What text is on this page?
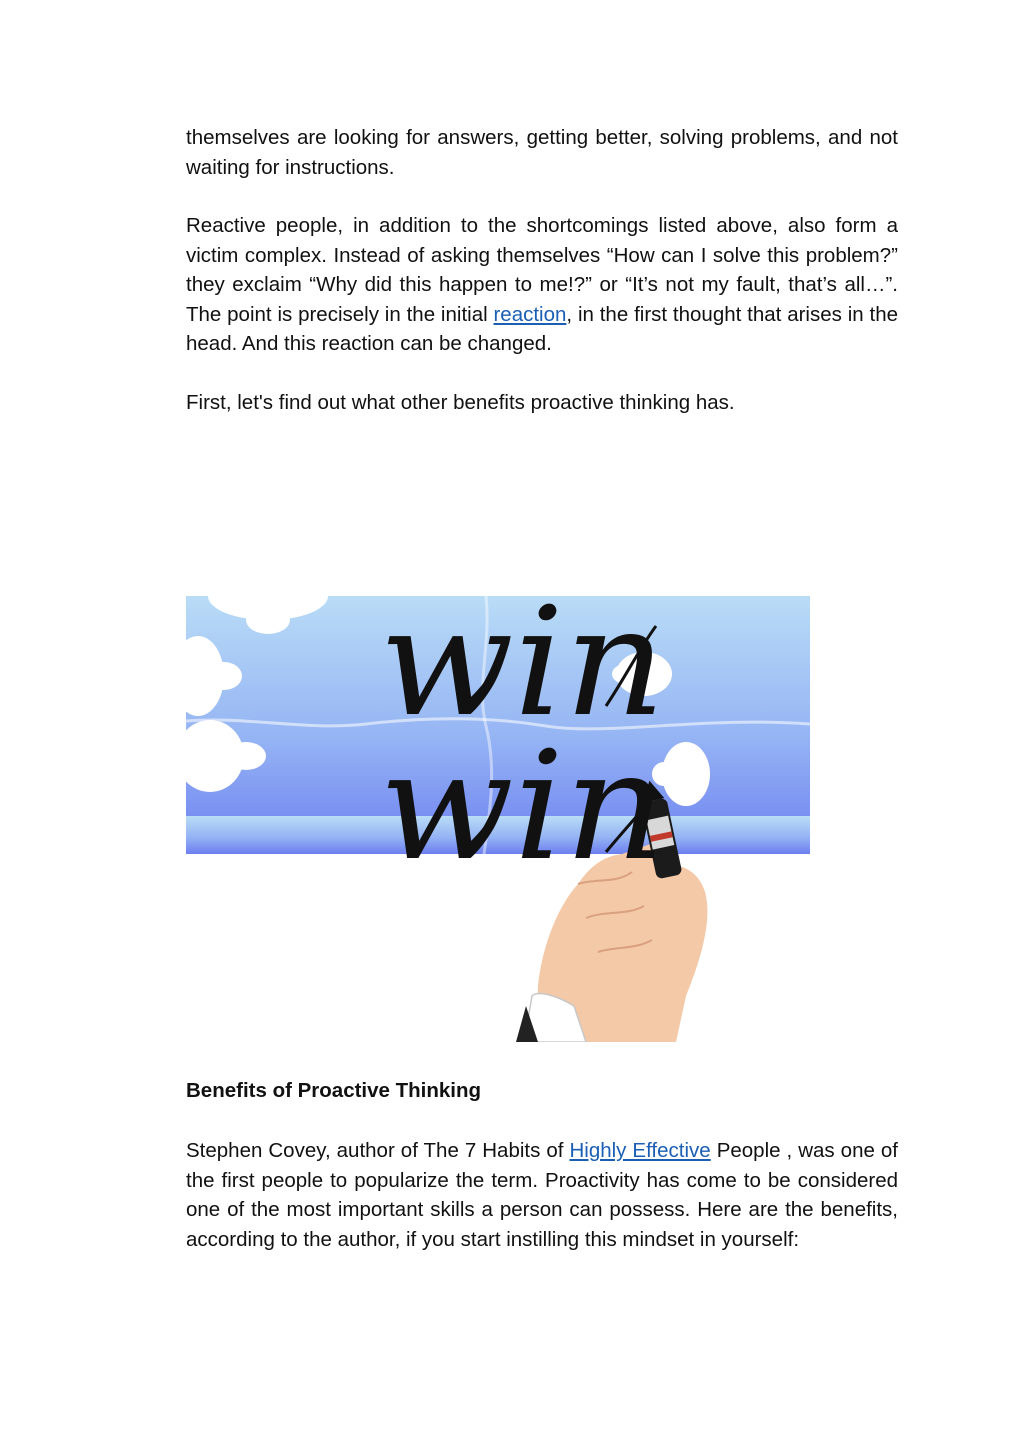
themselves are looking for answers, getting better, solving problems, and not waiting for instructions.

Reactive people, in addition to the shortcomings listed above, also form a victim complex. Instead of asking themselves “How can I solve this problem?” they exclaim “Why did this happen to me!?” or “It’s not my fault, that’s all…”. The point is precisely in the initial reaction, in the first thought that arises in the head. And this reaction can be changed.

First, let's find out what other benefits proactive thinking has.

win
win
Benefits of Proactive Thinking

Stephen Covey, author of The 7 Habits of Highly Effective People , was one of the first people to popularize the term. Proactivity has come to be considered one of the most important skills a person can possess. Here are the benefits, according to the author, if you start instilling this mindset in yourself:
